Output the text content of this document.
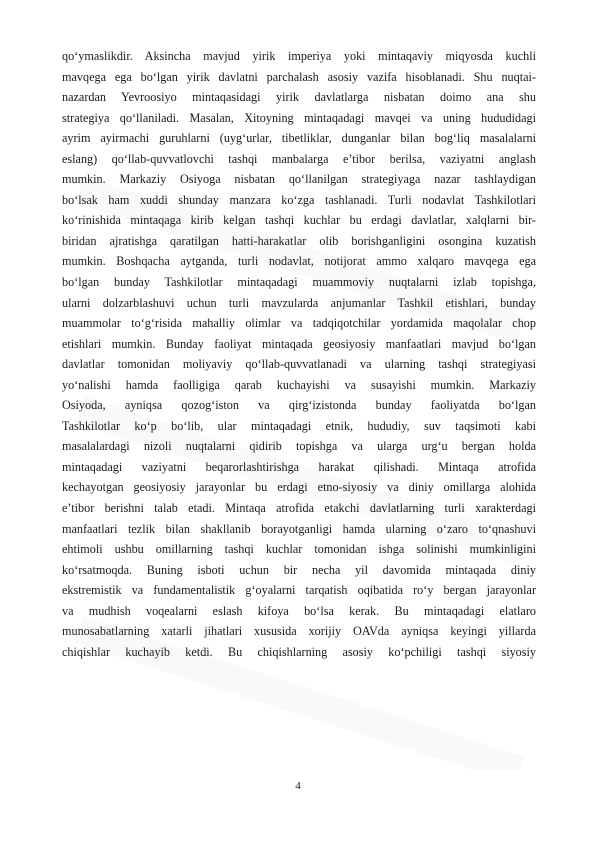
qo‘ymaslikdir. Aksincha mavjud yirik imperiya yoki mintaqaviy miqyosda kuchli
mavqega ega bo‘lgan yirik davlatni parchalash asosiy vazifa hisoblanadi. Shu nuqtai-
nazardan Yevroosiyo mintaqasidagi yirik davlatlarga nisbatan doimo ana shu
strategiya qo‘llaniladi. Masalan, Xitoyning mintaqadagi mavqei va uning hududidagi
ayrim ayirmachi guruhlarni (uyg‘urlar, tibetliklar, dunganlar bilan bog‘liq masalalarni
eslang) qo‘llab-quvvatlovchi tashqi manbalarga e’tibor berilsa, vaziyatni anglash
mumkin. Markaziy Osiyoga nisbatan qo‘llanilgan strategiyaga nazar tashlaydigan
bo‘lsak ham xuddi shunday manzara ko‘zga tashlanadi. Turli nodavlat Tashkilotlari
ko‘rinishida mintaqaga kirib kelgan tashqi kuchlar bu erdagi davlatlar, xalqlarni bir-
biridan ajratishga qaratilgan hatti-harakatlar olib borishganligini osongina kuzatish
mumkin. Boshqacha aytganda, turli nodavlat, notijorat ammo xalqaro mavqega ega
bo‘lgan bunday Tashkilotlar mintaqadagi muammoviy nuqtalarni izlab topishga,
ularni dolzarblashuvi uchun turli mavzularda anjumanlar Tashkil etishlari, bunday
muammolar to‘g‘risida mahalliy olimlar va tadqiqotchilar yordamida maqolalar chop
etishlari mumkin. Bunday faoliyat mintaqada geosiyosiy manfaatlari mavjud bo‘lgan
davlatlar tomonidan moliyaviy qo‘llab-quvvatlanadi va ularning tashqi strategiyasi
yo‘nalishi hamda faolligiga qarab kuchayishi va susayishi mumkin. Markaziy
Osiyoda, ayniqsa qozog‘iston va qirg‘izistonda bunday faoliyatda bo‘lgan
Tashkilotlar ko‘p bo‘lib, ular mintaqadagi etnik, hududiy, suv taqsimoti kabi
masalalardagi nizoli nuqtalarni qidirib topishga va ularga urg‘u bergan holda
mintaqadagi vaziyatni beqarorlashtirishga harakat qilishadi. Mintaqa atrofida
kechayotgan geosiyosiy jarayonlar bu erdagi etno-siyosiy va diniy omillarga alohida
e’tibor berishni talab etadi. Mintaqa atrofida etakchi davlatlarning turli xarakterdagi
manfaatlari tezlik bilan shakllanib borayotganligi hamda ularning o‘zaro to‘qnashuvi
ehtimoli ushbu omillarning tashqi kuchlar tomonidan ishga solinishi mumkinligini
ko‘rsatmoqda. Buning isboti uchun bir necha yil davomida mintaqada diniy
ekstremistik va fundamentalistik g‘oyalarni tarqatish oqibatida ro‘y bergan jarayonlar
va mudhish voqealarni eslash kifoya bo‘lsa kerak. Bu mintaqadagi elatlaro
munosabatlarning xatarli jihatlari xususida xorijiy OAVda ayniqsa keyingi yillarda
chiqishlar kuchayib ketdi. Bu chiqishlarning asosiy ko‘pchiligi tashqi siyosiy
4
